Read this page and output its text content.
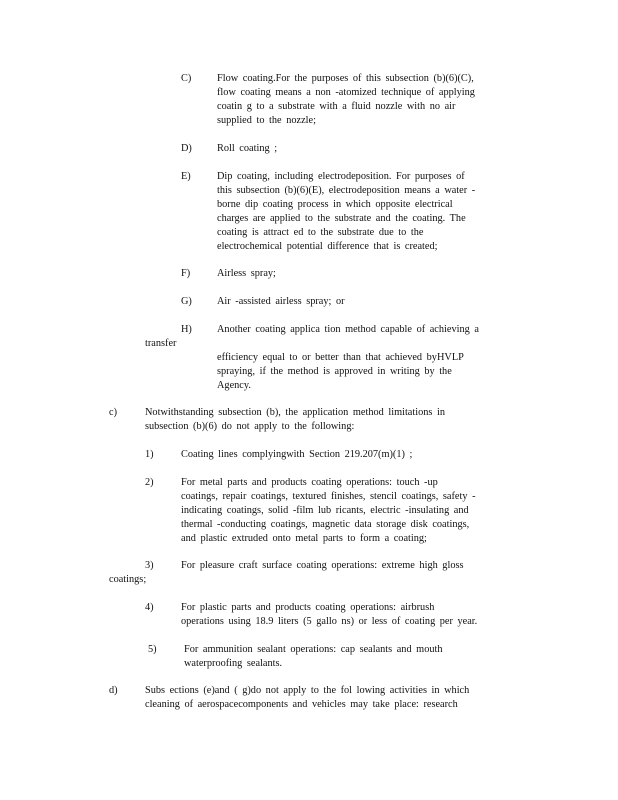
C) Flow coating.For the purposes of this subsection (b)(6)(C),
flow coating means a non -atomized technique of applying
coatin g to a substrate with a fluid nozzle with no air
supplied to the nozzle;
D) Roll coating ;
E)	Dip coating, including electrodeposition. For purposes of
this subsection (b)(6)(E), electrodeposition means a water -
borne dip coating process in which opposite electrical
charges are applied to the substrate and the coating. The
coating is attract ed to the substrate due to the
electrochemical potential difference that is created;
F)	Airless spray;
G) Air -assisted airless spray; or
H) Another coating applica tion method capable of achieving a
transfer
efficiency equal to or better than that achieved byHVLP
spraying, if the method is approved in writing by the
Agency.
c)	Notwithstanding subsection (b), the application method limitations in
subsection (b)(6) do not apply to the following:
1)	Coating lines complyingwith Section 219.207(m)(1) ;
2)	For metal parts and products coating operations: touch -up
coatings, repair coatings, textured finishes, stencil coatings, safety -
indicating coatings, solid -film lub ricants, electric -insulating and
thermal -conducting coatings, magnetic data storage disk coatings,
and plastic extruded onto metal parts to form a coating;
3)	For pleasure craft surface coating operations: extreme high gloss
coatings;
4)	For plastic parts and products coating operations: airbrush
operations using 18.9 liters (5 gallo ns) or less of coating per year.
5)	For ammunition sealant operations: cap sealants and mouth
waterproofing sealants.
d)	Subs ections (e)and ( g)do not apply to the fol lowing activities in which
cleaning of aerospacecomponents and vehicles may take place: research
